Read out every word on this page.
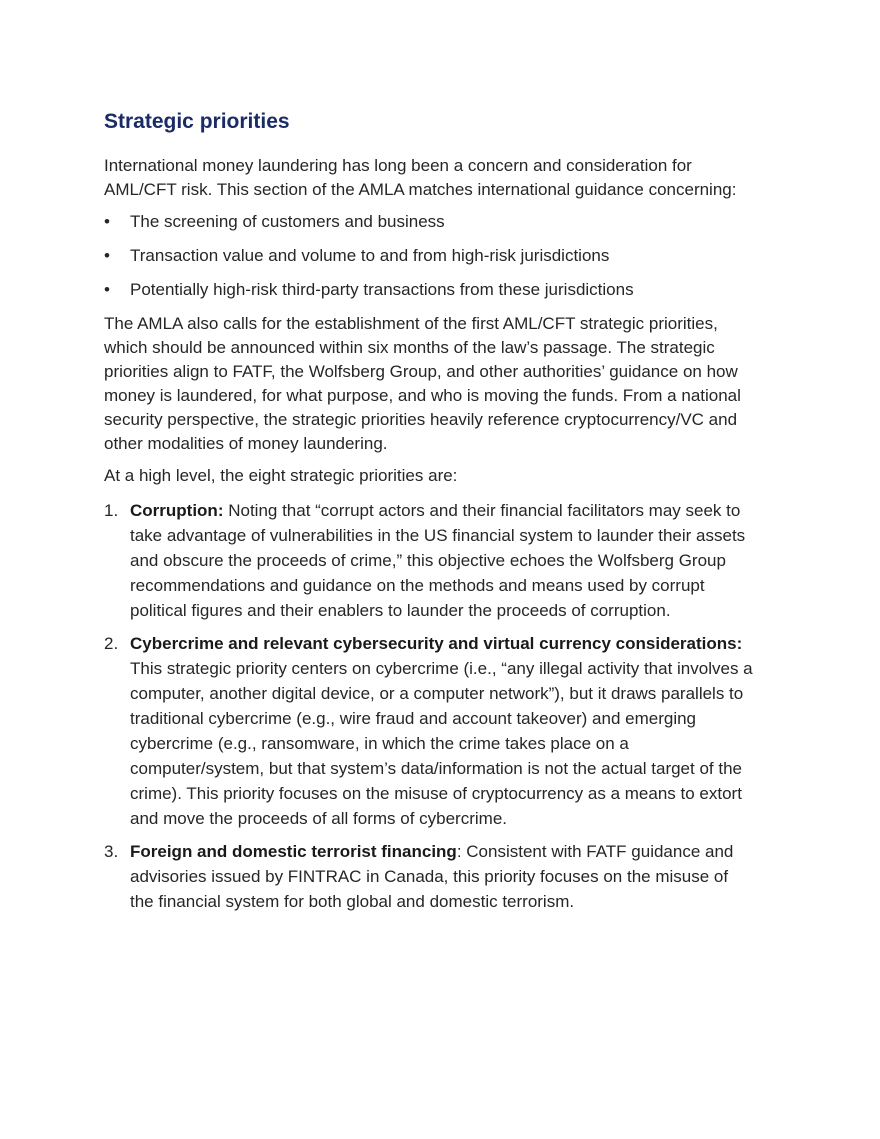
Strategic priorities

International money laundering has long been a concern and consideration for AML/CFT risk. This section of the AMLA matches international guidance concerning:

• The screening of customers and business
• Transaction value and volume to and from high-risk jurisdictions
• Potentially high-risk third-party transactions from these jurisdictions

The AMLA also calls for the establishment of the first AML/CFT strategic priorities, which should be announced within six months of the law’s passage. The strategic priorities align to FATF, the Wolfsberg Group, and other authorities’ guidance on how money is laundered, for what purpose, and who is moving the funds. From a national security perspective, the strategic priorities heavily reference cryptocurrency/VC and other modalities of money laundering.

At a high level, the eight strategic priorities are:

1. Corruption: Noting that “corrupt actors and their financial facilitators may seek to take advantage of vulnerabilities in the US financial system to launder their assets and obscure the proceeds of crime,” this objective echoes the Wolfsberg Group recommendations and guidance on the methods and means used by corrupt political figures and their enablers to launder the proceeds of corruption.
2. Cybercrime and relevant cybersecurity and virtual currency considerations: This strategic priority centers on cybercrime (i.e., “any illegal activity that involves a computer, another digital device, or a computer network”), but it draws parallels to traditional cybercrime (e.g., wire fraud and account takeover) and emerging cybercrime (e.g., ransomware, in which the crime takes place on a computer/system, but that system’s data/information is not the actual target of the crime). This priority focuses on the misuse of cryptocurrency as a means to extort and move the proceeds of all forms of cybercrime.
3. Foreign and domestic terrorist financing: Consistent with FATF guidance and advisories issued by FINTRAC in Canada, this priority focuses on the misuse of the financial system for both global and domestic terrorism.
